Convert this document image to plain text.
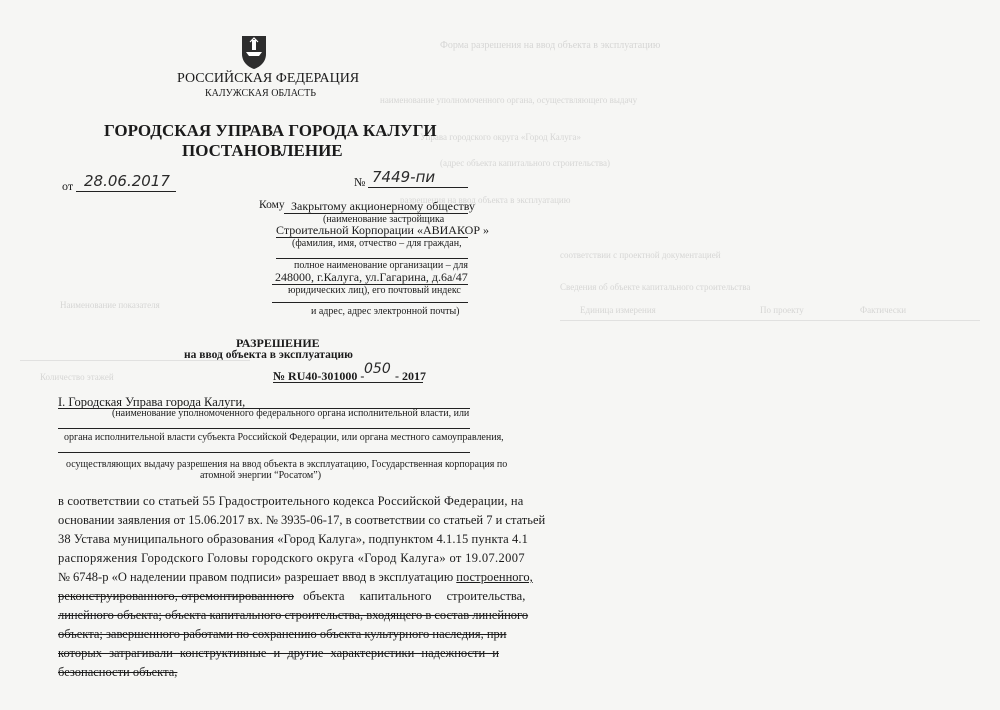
Форма разрешения на ввод объекта в эксплуатацию
наименование уполномоченного органа, осуществляющего выдачу
Управа городского округа «Город Калуга»
(адрес объекта капитального строительства)
разрешения на ввод объекта в эксплуатацию
соответствии с проектной документацией
Сведения об объекте капитального строительства
Наименование показателя	Единица измерения	По проекту	Фактически
Количество этажей
РОССИЙСКАЯ ФЕДЕРАЦИЯ
КАЛУЖСКАЯ ОБЛАСТЬ
ГОРОДСКАЯ УПРАВА ГОРОДА КАЛУГИ
ПОСТАНОВЛЕНИЕ
от 28.06.2017	№ 7449-пи
Кому Закрытому акционерному обществу
(наименование застройщика
Строительной Корпорации «АВИАКОР »
(фамилия, имя, отчество – для граждан,
полное наименование организации – для
248000, г.Калуга, ул.Гагарина, д.6а/47
юридических лиц), его почтовый индекс
и адрес, адрес электронной почты)
РАЗРЕШЕНИЕ
на ввод объекта в эксплуатацию
№ RU40-301000 - 050 - 2017
I. Городская Управа города Калуги,
(наименование уполномоченного федерального органа исполнительной власти, или
органа исполнительной власти субъекта Российской Федерации, или органа местного самоуправления,
осуществляющих выдачу разрешения на ввод объекта в эксплуатацию, Государственная корпорация по
атомной энергии “Росатом”)
в соответствии со статьей 55 Градостроительного кодекса Российской Федерации, на
основании заявления от 15.06.2017 вх. № 3935-06-17, в соответствии со статьей 7 и статьей
38 Устава муниципального образования «Город Калуга», подпунктом 4.1.15 пункта 4.1
распоряжения Городского Головы городского округа «Город Калуга» от 19.07.2007
№ 6748-р «О наделении правом подписи» разрешает ввод в эксплуатацию построенного,
реконструированного, отремонтированного объекта капитального строительства,
линейного объекта; объекта капитального строительства, входящего в состав линейного
объекта; завершенного работами по сохранению объекта культурного наследия, при
которых затрагивали конструктивные и другие характеристики надежности и
безопасности объекта,
